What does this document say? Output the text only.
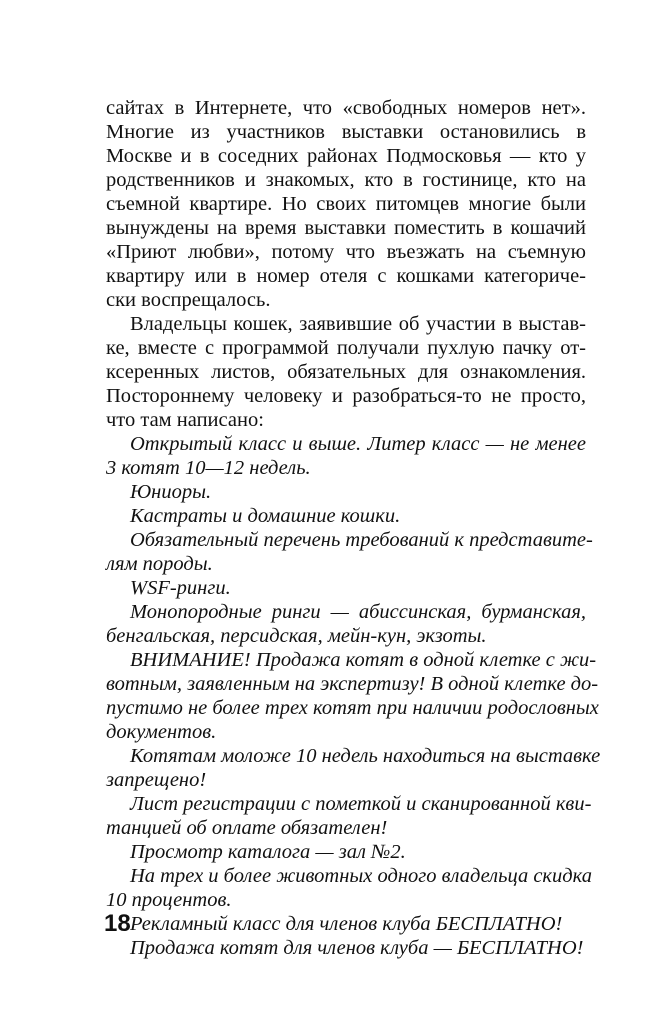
сайтах в Интернете, что «свободных номеров нет».
Многие из участников выставки остановились в
Москве и в соседних районах Подмосковья — кто у
родственников и знакомых, кто в гостинице, кто на
съемной квартире. Но своих питомцев многие были
вынуждены на время выставки поместить в кошачий
«Приют любви», потому что въезжать на съемную
квартиру или в номер отеля с кошками категориче-
ски воспрещалось.
Владельцы кошек, заявившие об участии в выстав-
ке, вместе с программой получали пухлую пачку от-
ксеренных листов, обязательных для ознакомления.
Постороннему человеку и разобраться-то не просто,
что там написано:
Открытый класс и выше. Литер класс — не менее
3 котят 10—12 недель.
Юниоры.
Кастраты и домашние кошки.
Обязательный перечень требований к представите-
лям породы.
WSF-ринги.
Монопородные ринги — абиссинская, бурманская,
бенгальская, персидская, мейн-кун, экзоты.
ВНИМАНИЕ! Продажа котят в одной клетке с жи-
вотным, заявленным на экспертизу! В одной клетке до-
пустимо не более трех котят при наличии родословных
документов.
Котятам моложе 10 недель находиться на выставке
запрещено!
Лист регистрации с пометкой и сканированной кви-
танцией об оплате обязателен!
Просмотр каталога — зал №2.
На трех и более животных одного владельца скидка
10 процентов.
Рекламный класс для членов клуба БЕСПЛАТНО!
Продажа котят для членов клуба — БЕСПЛАТНО!
18
